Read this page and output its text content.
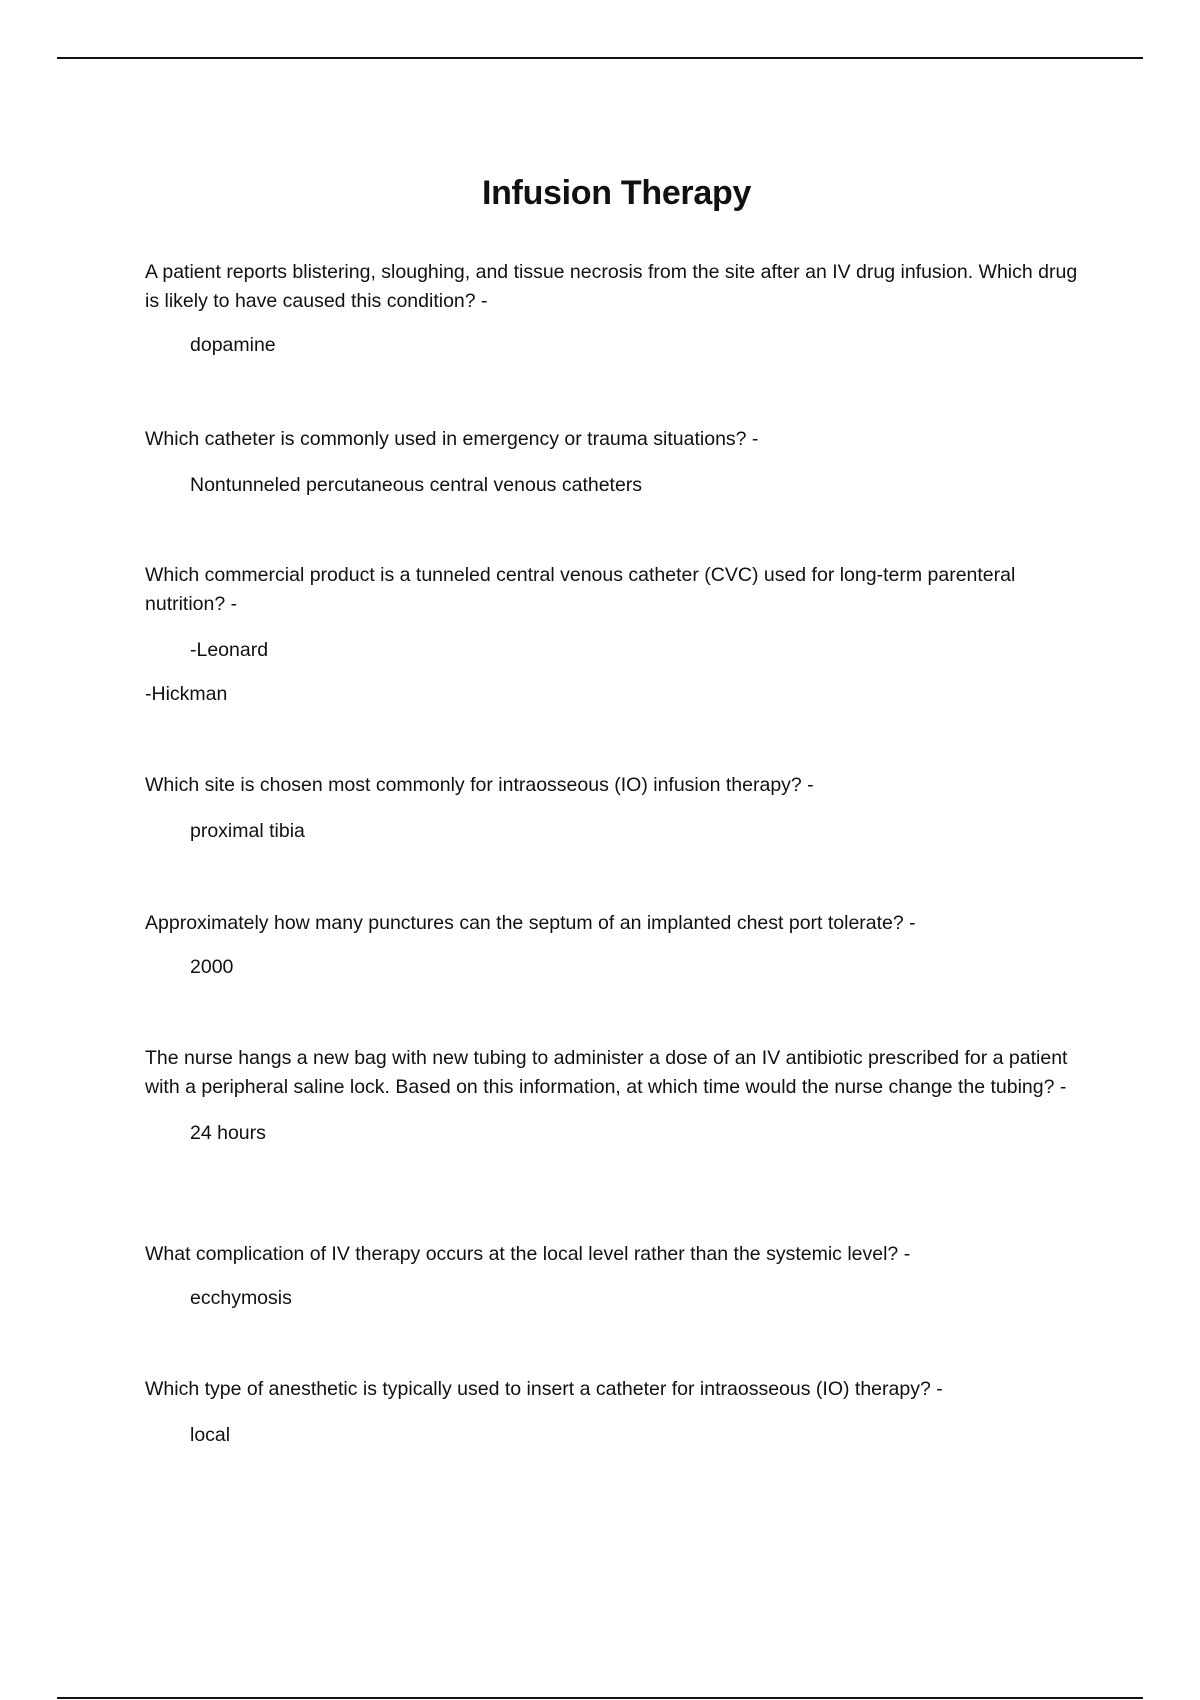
Infusion Therapy

A patient reports blistering, sloughing, and tissue necrosis from the site after an IV drug infusion. Which drug is likely to have caused this condition? -

dopamine

Which catheter is commonly used in emergency or trauma situations? -

Nontunneled percutaneous central venous catheters

Which commercial product is a tunneled central venous catheter (CVC) used for long-term parenteral nutrition? -

-Leonard

-Hickman

Which site is chosen most commonly for intraosseous (IO) infusion therapy? -

proximal tibia

Approximately how many punctures can the septum of an implanted chest port tolerate? -

2000

The nurse hangs a new bag with new tubing to administer a dose of an IV antibiotic prescribed for a patient with a peripheral saline lock. Based on this information, at which time would the nurse change the tubing? -

24 hours

What complication of IV therapy occurs at the local level rather than the systemic level? -

ecchymosis

Which type of anesthetic is typically used to insert a catheter for intraosseous (IO) therapy? -

local
